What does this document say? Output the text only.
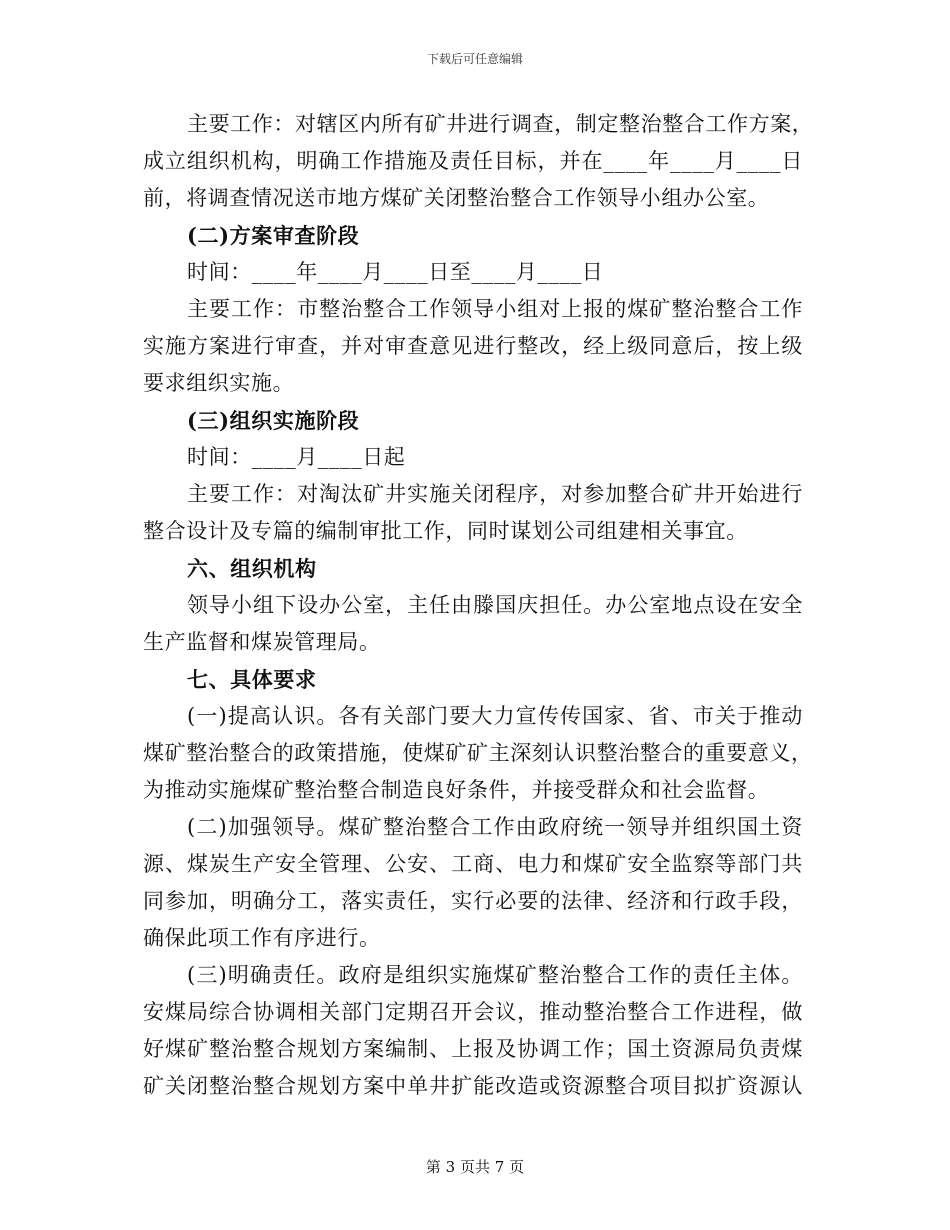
下载后可任意编辑
主要工作：对辖区内所有矿井进行调查，制定整治整合工作方案，
成立组织机构，明确工作措施及责任目标，并在____年____月____日
前，将调查情况送市地方煤矿关闭整治整合工作领导小组办公室。
(二)方案审查阶段
时间：____年____月____日至____月____日
主要工作：市整治整合工作领导小组对上报的煤矿整治整合工作
实施方案进行审查，并对审查意见进行整改，经上级同意后，按上级
要求组织实施。
(三)组织实施阶段
时间：____月____日起
主要工作：对淘汰矿井实施关闭程序，对参加整合矿井开始进行
整合设计及专篇的编制审批工作，同时谋划公司组建相关事宜。
六、组织机构
领导小组下设办公室，主任由滕国庆担任。办公室地点设在安全
生产监督和煤炭管理局。
七、具体要求
(一)提高认识。各有关部门要大力宣传传国家、省、市关于推动
煤矿整治整合的政策措施，使煤矿矿主深刻认识整治整合的重要意义，
为推动实施煤矿整治整合制造良好条件，并接受群众和社会监督。
(二)加强领导。煤矿整治整合工作由政府统一领导并组织国土资
源、煤炭生产安全管理、公安、工商、电力和煤矿安全监察等部门共
同参加，明确分工，落实责任，实行必要的法律、经济和行政手段，
确保此项工作有序进行。
(三)明确责任。政府是组织实施煤矿整治整合工作的责任主体。
安煤局综合协调相关部门定期召开会议，推动整治整合工作进程，做
好煤矿整治整合规划方案编制、上报及协调工作；国土资源局负责煤
矿关闭整治整合规划方案中单井扩能改造或资源整合项目拟扩资源认
第 3 页共 7 页
